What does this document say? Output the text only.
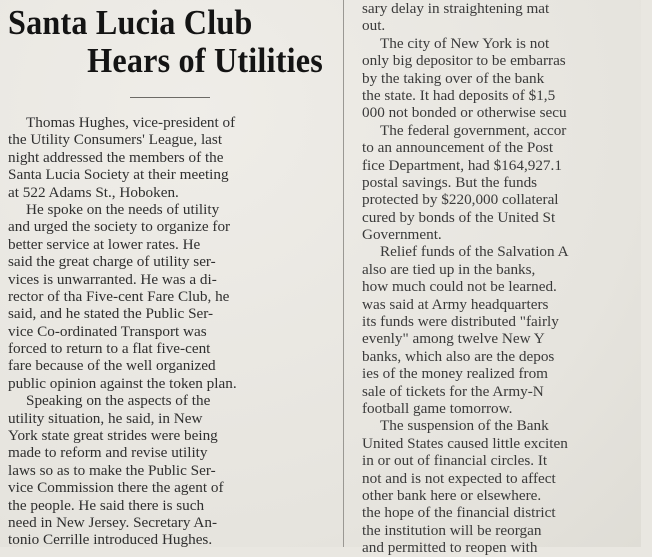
Santa Lucia Club
Hears of Utilities
Thomas Hughes, vice-president of
the Utility Consumers' League, last
night addressed the members of the
Santa Lucia Society at their meeting
at 522 Adams St., Hoboken.
He spoke on the needs of utility
and urged the society to organize for
better service at lower rates. He
said the great charge of utility ser-
vices is unwarranted. He was a di-
rector of tha Five-cent Fare Club, he
said, and he stated the Public Ser-
vice Co-ordinated Transport was
forced to return to a flat five-cent
fare because of the well organized
public opinion against the token plan.
Speaking on the aspects of the
utility situation, he said, in New
York state great strides were being
made to reform and revise utility
laws so as to make the Public Ser-
vice Commission there the agent of
the people. He said there is such
need in New Jersey. Secretary An-
tonio Cerrille introduced Hughes.
sary delay in straightening mat
out.
The city of New York is not
only big depositor to be embarras
by the taking over of the bank
the state. It had deposits of $1,5
000 not bonded or otherwise secu
The federal government, accor
to an announcement of the Post
fice Department, had $164,927.1
postal savings. But the funds
protected by $220,000 collateral
cured by bonds of the United St
Government.
Relief funds of the Salvation A
also are tied up in the banks,
how much could not be learned.
was said at Army headquarters
its funds were distributed "fairly
evenly" among twelve New Y
banks, which also are the depos
ies of the money realized from
sale of tickets for the Army-N
football game tomorrow.
The suspension of the Bank
United States caused little exciten
in or out of financial circles. It
not and is not expected to affect
other bank here or elsewhere.
the hope of the financial district
the institution will be reorgan
and permitted to reopen with
